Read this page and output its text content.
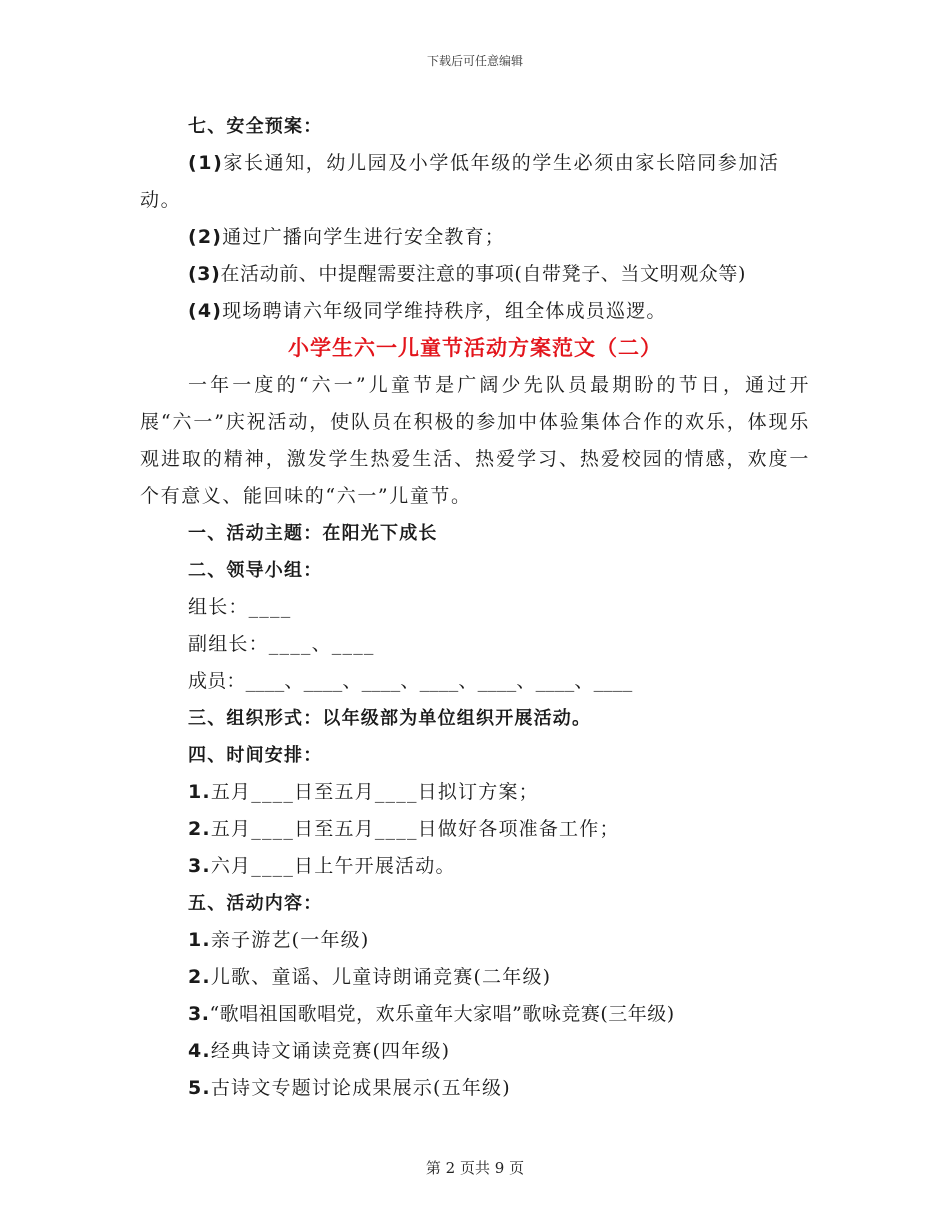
下载后可任意编辑
七、安全预案：

(1)家长通知，幼儿园及小学低年级的学生必须由家长陪同参加活动。

(2)通过广播向学生进行安全教育；
(3)在活动前、中提醒需要注意的事项(自带凳子、当文明观众等)
(4)现场聘请六年级同学维持秩序，组全体成员巡逻。
小学生六一儿童节活动方案范文（二）

一年一度的“六一”儿童节是广阔少先队员最期盼的节日，通过开展“六一”庆祝活动，使队员在积极的参加中体验集体合作的欢乐，体现乐观进取的精神，激发学生热爱生活、热爱学习、热爱校园的情感，欢度一个有意义、能回味的“六一”儿童节。

一、活动主题：在阳光下成长
二、领导小组：
组长：____
副组长：____、____
成员：____、____、____、____、____、____、____
三、组织形式：以年级部为单位组织开展活动。
四、时间安排：
1.五月____日至五月____日拟订方案；
2.五月____日至五月____日做好各项准备工作；
3.六月____日上午开展活动。
五、活动内容：
1.亲子游艺(一年级)
2.儿歌、童谣、儿童诗朗诵竞赛(二年级)
3.“歌唱祖国歌唱党，欢乐童年大家唱”歌咏竞赛(三年级)
4.经典诗文诵读竞赛(四年级)
5.古诗文专题讨论成果展示(五年级)
第 2 页共 9 页
